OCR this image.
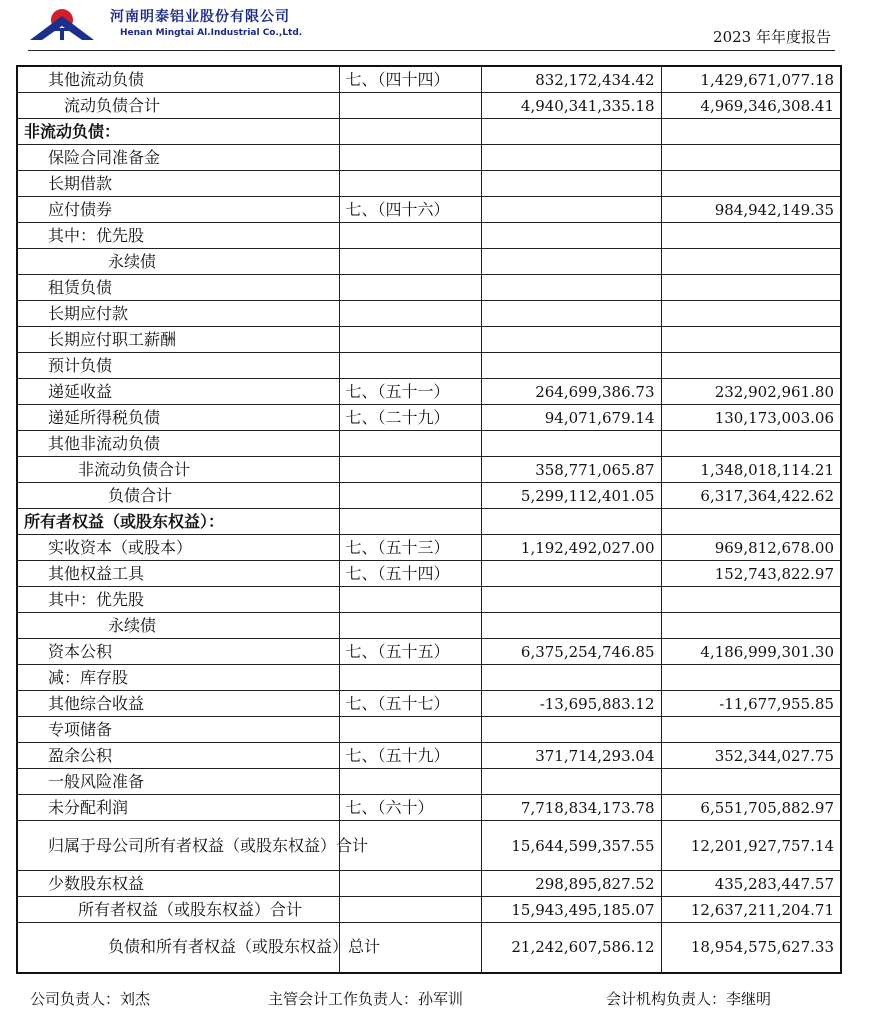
河南明泰铝业股份有限公司
Henan Mingtai Al.Industrial Co.,Ltd.	2023 年年度报告
其他流动负债	七、（四十四）	832,172,434.42	1,429,671,077.18
流动负债合计		4,940,341,335.18	4,969,346,308.41
非流动负债：			
保险合同准备金			
长期借款			
应付债券	七、（四十六）		984,942,149.35
其中：优先股			
永续债			
租赁负债			
长期应付款			
长期应付职工薪酬			
预计负债			
递延收益	七、（五十一）	264,699,386.73	232,902,961.80
递延所得税负债	七、（二十九）	94,071,679.14	130,173,003.06
其他非流动负债			
非流动负债合计		358,771,065.87	1,348,018,114.21
负债合计		5,299,112,401.05	6,317,364,422.62
所有者权益（或股东权益）：			
实收资本（或股本）	七、（五十三）	1,192,492,027.00	969,812,678.00
其他权益工具	七、（五十四）		152,743,822.97
其中：优先股			
永续债			
资本公积	七、（五十五）	6,375,254,746.85	4,186,999,301.30
减：库存股			
其他综合收益	七、（五十七）	-13,695,883.12	-11,677,955.85
专项储备			
盈余公积	七、（五十九）	371,714,293.04	352,344,027.75
一般风险准备			
未分配利润	七、（六十）	7,718,834,173.78	6,551,705,882.97
归属于母公司所有者权益（或股东权益）合计		15,644,599,357.55	12,201,927,757.14
少数股东权益		298,895,827.52	435,283,447.57
所有者权益（或股东权益）合计		15,943,495,185.07	12,637,211,204.71
负债和所有者权益（或股东权益）总计		21,242,607,586.12	18,954,575,627.33
公司负责人：刘杰	主管会计工作负责人：孙军训	会计机构负责人：李继明
